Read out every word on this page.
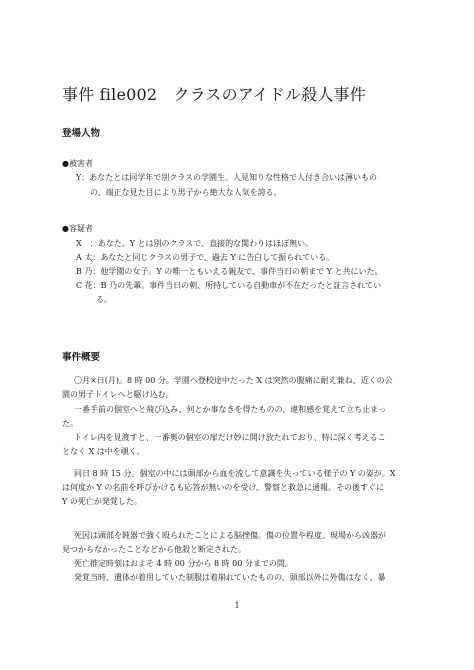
事件 file002　クラスのアイドル殺人事件
登場人物
●被害者
Y：あなたとは同学年で別クラスの学園生。人見知りな性格で人付き合いは薄いもの
の、端正な見た目により男子から絶大な人気を誇る。
●容疑者
X　：あなた。Y とは別のクラスで、直接的な関わりはほぼ無い。
A 太：あなたと同じクラスの男子で、過去 Y に告白して振られている。
B 乃：他学園の女子。Y の唯一ともいえる親友で、事件当日の朝まで Y と共にいた。
C 花：B 乃の先輩。事件当日の朝、所持している自動車が不在だったと証言されてい
る。
事件概要
〇月×日(月)。8 時 00 分。学園へ登校途中だった X は突然の腹痛に耐え兼ね、近くの公
園の男子トイレへと駆け込む。
一番手前の個室へと飛び込み、何とか事なきを得たものの、違和感を覚えて立ち止まっ
た。
トイレ内を見渡すと、一番奥の個室の扉だけ妙に開け放たれており、特に深く考えるこ
となく X は中を覗く。
同日 8 時 15 分。個室の中には頭部から血を流して意識を失っている様子の Y の姿が。X
は何度か Y の名前を呼びかけるも応答が無いのを受け、警察と救急に通報。その後すぐに
Y の死亡が発覚した。
死因は頭部を鈍器で強く殴られたことによる脳挫傷。傷の位置や程度、現場から凶器が
見つからなかったことなどから他殺と断定された。
死亡推定時刻はおよそ 4 時 00 分から 8 時 00 分までの間。
発覚当時、遺体が着用していた制服は着崩れていたものの、頭部以外に外傷はなく、暴
1
